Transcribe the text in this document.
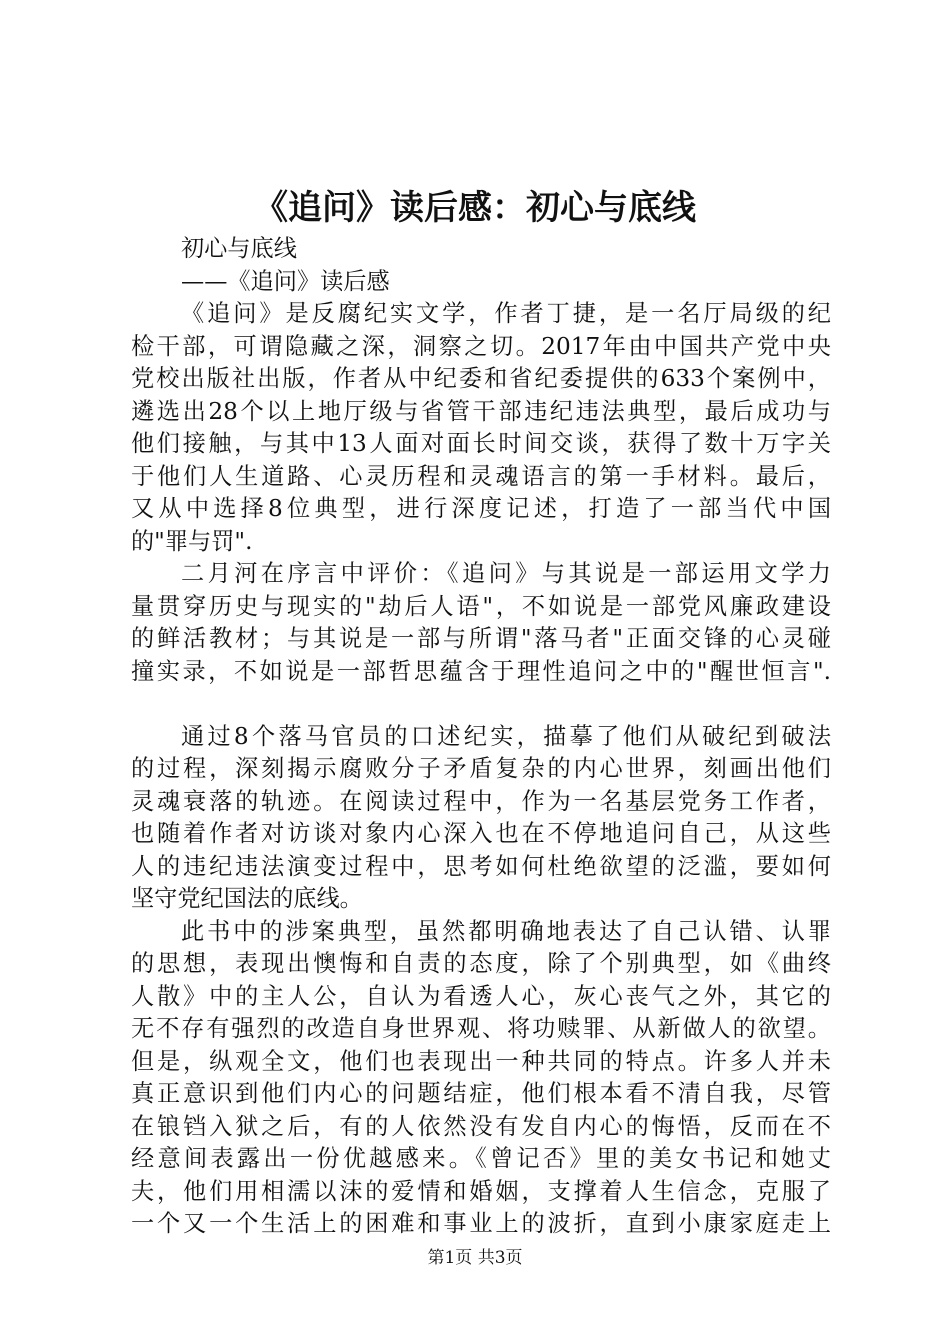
《追问》读后感：初心与底线
初心与底线
——《追问》读后感
《追问》是反腐纪实文学，作者丁捷，是一名厅局级的纪
检干部，可谓隐藏之深，洞察之切。2017年由中国共产党中央
党校出版社出版，作者从中纪委和省纪委提供的633个案例中，
遴选出28个以上地厅级与省管干部违纪违法典型，最后成功与
他们接触，与其中13人面对面长时间交谈，获得了数十万字关
于他们人生道路、心灵历程和灵魂语言的第一手材料。最后，
又从中选择8位典型，进行深度记述，打造了一部当代中国
的"罪与罚".
二月河在序言中评价：《追问》与其说是一部运用文学力
量贯穿历史与现实的"劫后人语"，不如说是一部党风廉政建设
的鲜活教材；与其说是一部与所谓"落马者"正面交锋的心灵碰
撞实录，不如说是一部哲思蕴含于理性追问之中的"醒世恒言".
通过8个落马官员的口述纪实，描摹了他们从破纪到破法
的过程，深刻揭示腐败分子矛盾复杂的内心世界，刻画出他们
灵魂衰落的轨迹。在阅读过程中，作为一名基层党务工作者，
也随着作者对访谈对象内心深入也在不停地追问自己，从这些
人的违纪违法演变过程中，思考如何杜绝欲望的泛滥，要如何
坚守党纪国法的底线。
此书中的涉案典型，虽然都明确地表达了自己认错、认罪
的思想，表现出懊悔和自责的态度，除了个别典型，如《曲终
人散》中的主人公，自认为看透人心，灰心丧气之外，其它的
无不存有强烈的改造自身世界观、将功赎罪、从新做人的欲望。
但是，纵观全文，他们也表现出一种共同的特点。许多人并未
真正意识到他们内心的问题结症，他们根本看不清自我，尽管
在锒铛入狱之后，有的人依然没有发自内心的悔悟，反而在不
经意间表露出一份优越感来。《曾记否》里的美女书记和她丈
夫，他们用相濡以沫的爱情和婚姻，支撑着人生信念，克服了
一个又一个生活上的困难和事业上的波折，直到小康家庭走上
第1页 共3页
